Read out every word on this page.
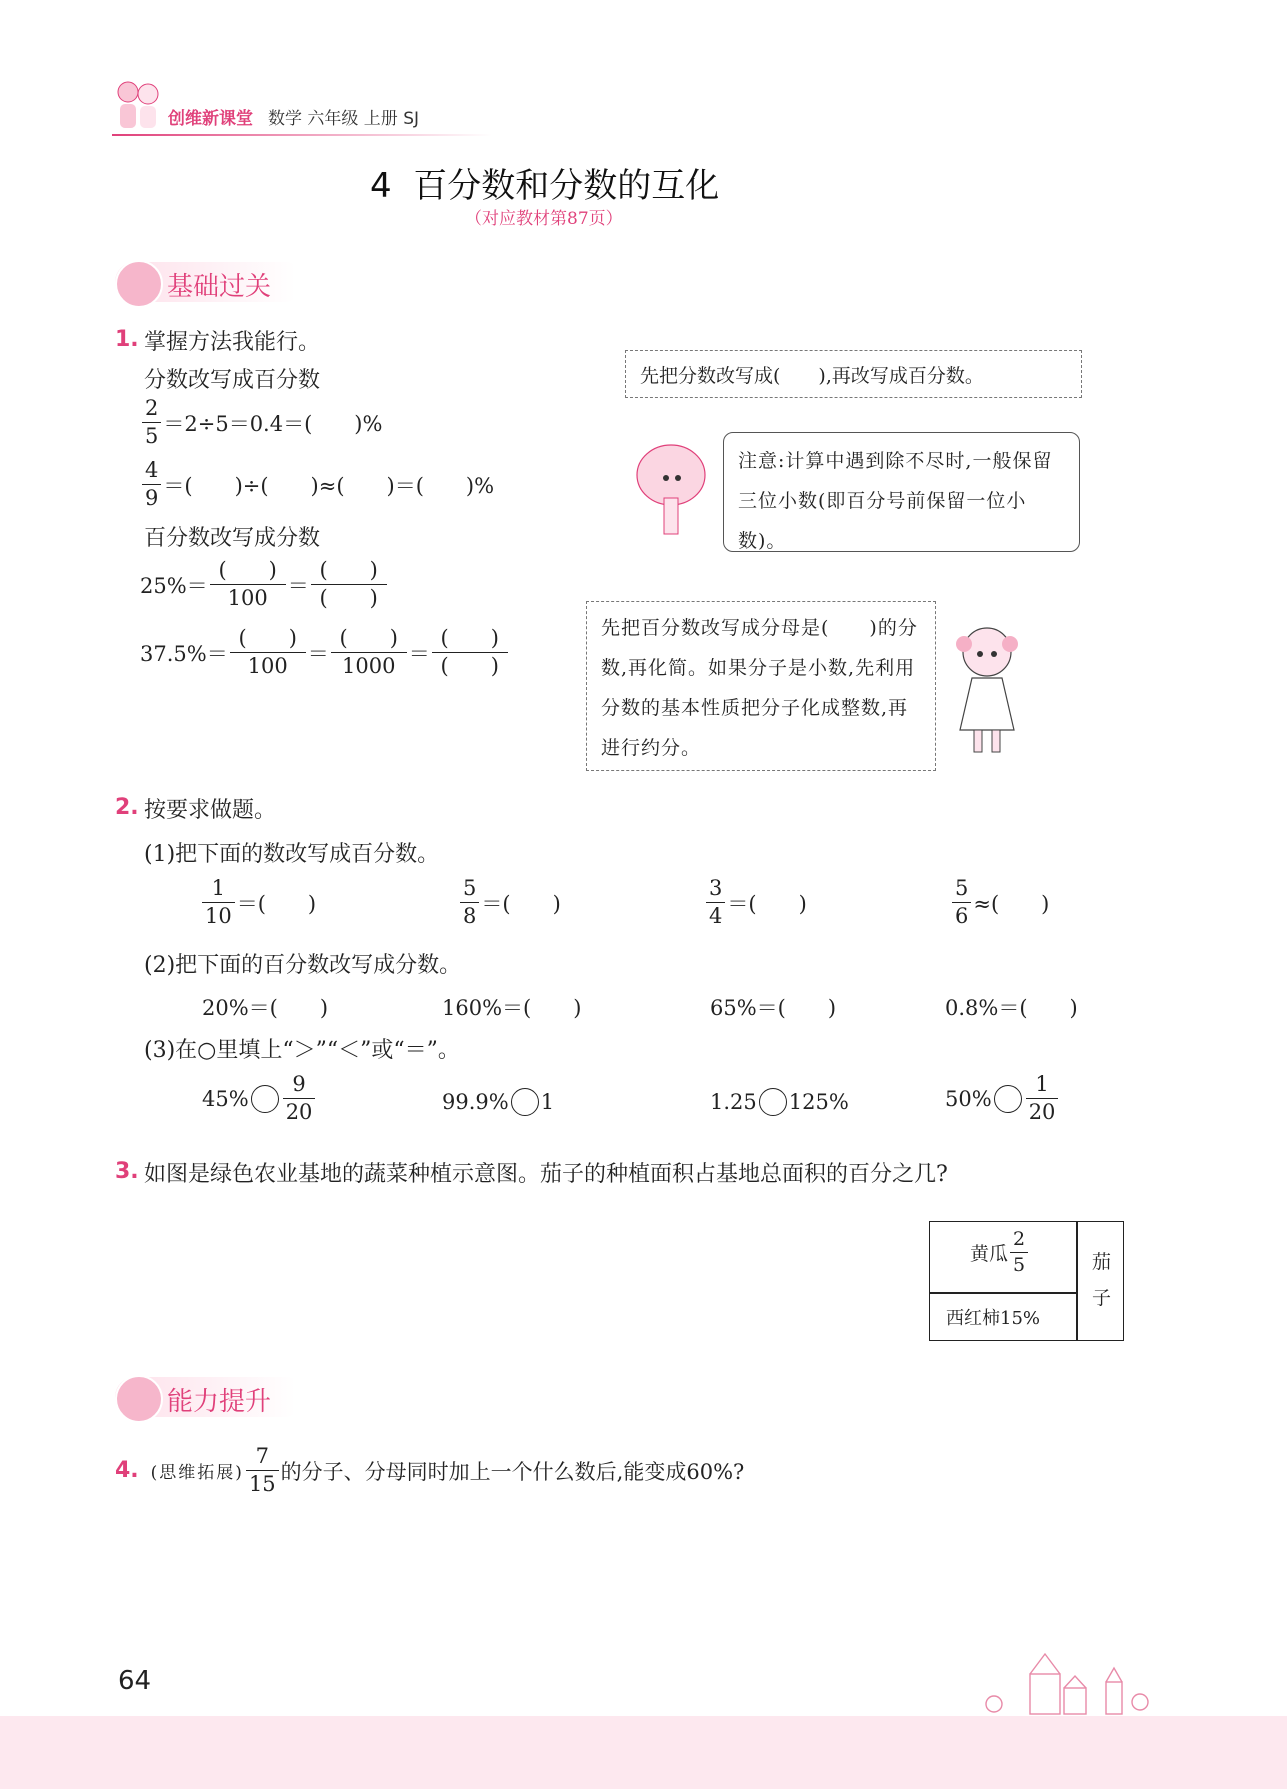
创维新课堂 数学 六年级 上册 SJ
4  百分数和分数的互化
（对应教材第87页）
基础过关
1. 掌握方法我能行。
分数改写成百分数
$\frac{2}{5} =2\div 5=0.4=$(　　)%
$\frac{4}{9}$ ＝(　　)÷(　　)≈(　　)＝(　　)%
百分数改写成分数
$25\%= \frac{( )}{100} = \frac{( )}{( )}$
$37.5\%= \frac{( )}{100} = \frac{( )}{1000} = \frac{( )}{( )}$
先把分数改写成(　　),再改写成百分数。
注意:计算中遇到除不尽时,一般保留三位小数(即百分号前保留一位小数)。
先把百分数改写成分母是(　　)的分数,再化简。如果分子是小数,先利用分数的基本性质把分子化成整数,再进行约分。
2. 按要求做题。
(1)把下面的数改写成百分数。
$\frac{1}{10}$ ＝(　　)	$\frac{5}{8}$ ＝(　　)	$\frac{3}{4}$ ＝(　　)	$\frac{5}{6}$ ≈(　　)
(2)把下面的百分数改写成分数。
20%＝(　　)	160%＝(　　)	65%＝(　　)	0.8%＝(　　)
(3)在○里填上“＞”“＜”或“＝”。
$45\% \frac{9}{20}$	99.9% 1	1.25 125%	$50\% \frac{1}{20}$
3. 如图是绿色农业基地的蔬菜种植示意图。茄子的种植面积占基地总面积的百分之几?
黄瓜 $\frac{2}{5}$
西红柿15%
茄子
能力提升
4. (思维拓展) $\frac{7}{15}$ 的分子、分母同时加上一个什么数后,能变成60%?
64
